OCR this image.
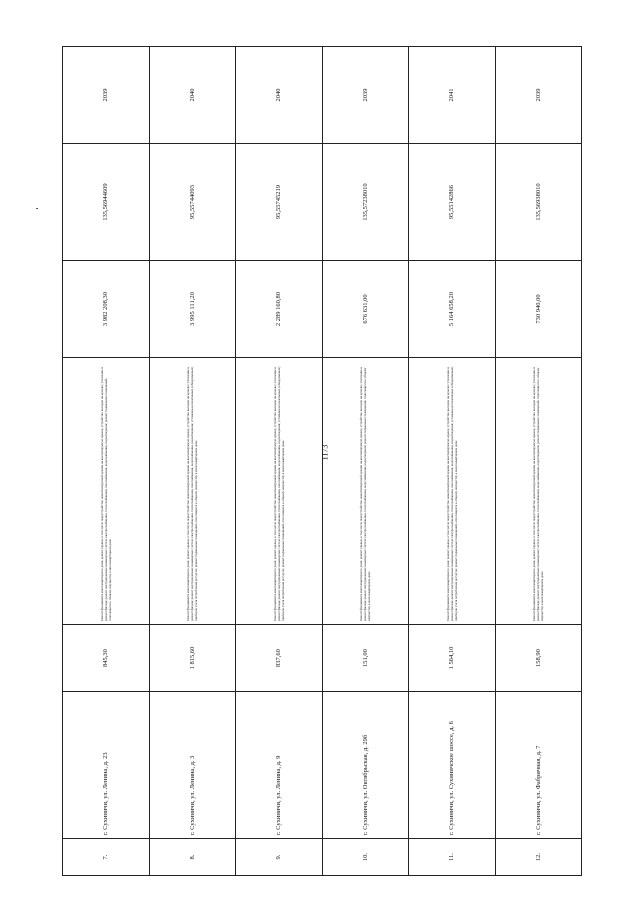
1173
7.	г. Сухиничи, ул. Ленина, д. 23	845,30	Ремонт фундамента многоквартирного дома; ремонт крыши, в том числе переустройство невентилируемой крыши на вентилируемую крышу, устройство выходов на кровлю; утепление и ремонт фасада; ремонт внутридомовых инженерных систем электроснабжения, теплоснабжения, газоснабжения, водоснабжения, водоотведения; ремонт подвальных помещений, относящихся к общему имуществу в многоквартирном доме	3 982 208,30	135,56944609	2039
8.	г. Сухиничи, ул. Ленина, д. 3	1 815,60	Ремонт фундамента многоквартирного дома; ремонт крыши, в том числе переустройство невентилируемой крыши на вентилируемую крышу, устройство выходов на кровлю; утепление и ремонт фасада; ремонт внутридомовых инженерных систем электроснабжения, теплоснабжения, газоснабжения, водоснабжения, водоотведения; установка коллективных (общедомовых) приборов учета потребления ресурсов; ремонт подвальных помещений, относящихся к общему имуществу в многоквартирном доме	3 995 111,20	95,55744093	2040
9.	г. Сухиничи, ул. Ленина, д. 9	837,60	Ремонт фундамента многоквартирного дома; ремонт крыши, в том числе переустройство невентилируемой крыши на вентилируемую крышу, устройство выходов на кровлю; утепление и ремонт фасада; ремонт внутридомовых инженерных систем электроснабжения, теплоснабжения, газоснабжения, водоснабжения, водоотведения; установка коллективных (общедомовых) приборов учета потребления ресурсов; ремонт подвальных помещений, относящихся к общему имуществу в многоквартирном доме	2 289 160,80	95,55745219	2040
10.	г. Сухиничи, ул. Октябрьская, д. 29б	151,00	Ремонт фундамента многоквартирного дома; ремонт крыши, в том числе переустройство невентилируемой крыши на вентилируемую крышу, устройство выходов на кровлю; утепление и ремонт фасада; ремонт внутридомовых инженерных систем электроснабжения, теплоснабжения, водоснабжения, водоотведения; ремонт подвальных помещений, относящихся к общему имуществу в многоквартирном доме	676 631,00	135,57238010	2039
11.	г. Сухиничи, ул. Сухиничское шоссе, д. 6	1 564,10	Ремонт фундамента многоквартирного дома; ремонт крыши, в том числе переустройство невентилируемой крыши на вентилируемую крышу, устройство выходов на кровлю; утепление и ремонт фасада; ремонт внутридомовых инженерных систем электроснабжения, теплоснабжения, газоснабжения, водоснабжения, водоотведения; установка коллективных (общедомовых) приборов учета потребления ресурсов; ремонт подвальных помещений, относящихся к общему имуществу в многоквартирном доме	5 164 658,20	95,55142866	2041
12.	г. Сухиничи, ул. Фабричная, д. 7	158,90	Ремонт фундамента многоквартирного дома; ремонт крыши, в том числе переустройство невентилируемой крыши на вентилируемую крышу, устройство выходов на кровлю; утепление и ремонт фасада; ремонт внутридомовых инженерных систем электроснабжения, теплоснабжения, водоснабжения, водоотведения; ремонт подвальных помещений, относящихся к общему имуществу в многоквартирном доме	730 940,00	135,56938010	2039
